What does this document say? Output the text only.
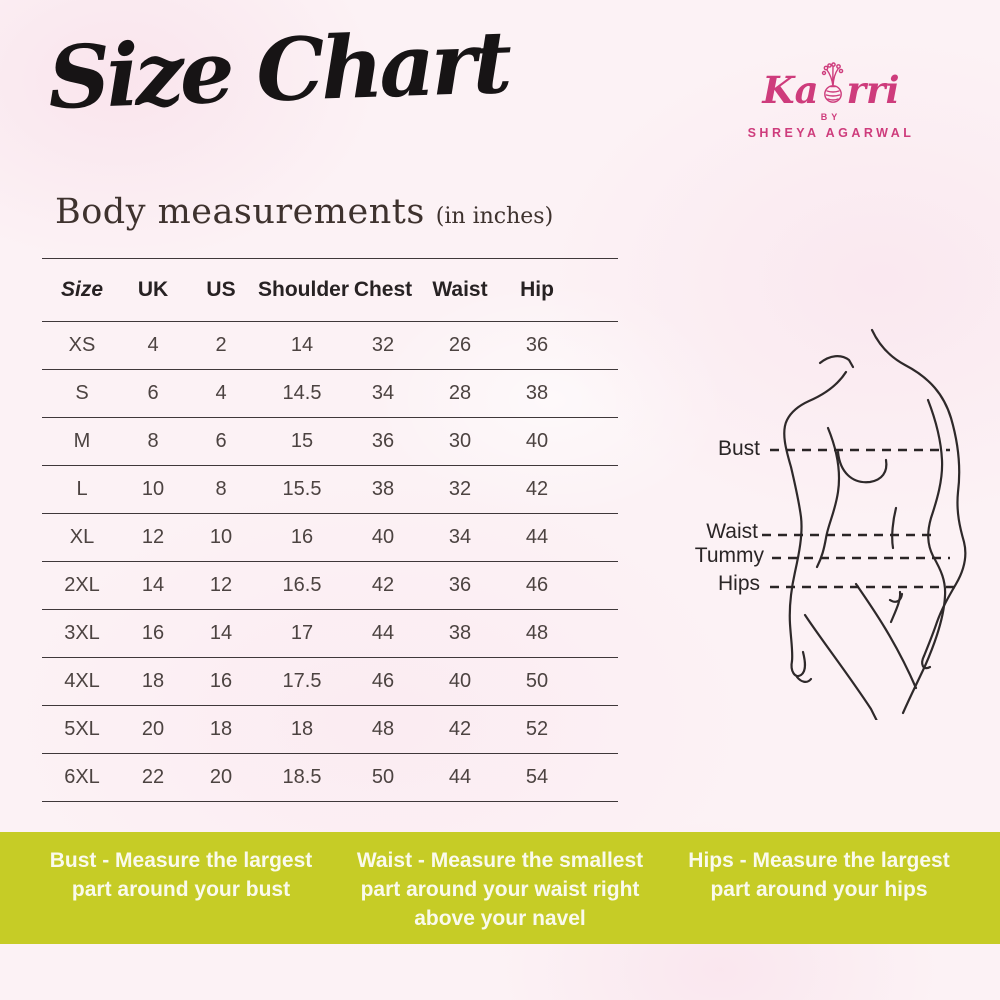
Size Chart	Ka rri
BY
SHREYA AGARWAL
Body measurements (in inches)
Size	UK	US	Shoulder	Chest	Waist	Hip
XS	4	2	14	32	26	36
S	6	4	14.5	34	28	38
M	8	6	15	36	30	40
L	10	8	15.5	38	32	42
XL	12	10	16	40	34	44
2XL	14	12	16.5	42	36	46
3XL	16	14	17	44	38	48
4XL	18	16	17.5	46	40	50
5XL	20	18	18	48	42	52
6XL	22	20	18.5	50	44	54
Bust
Waist
Tummy
Hips
Bust - Measure the largest part around your bust
Waist - Measure the smallest part around your waist right above your navel
Hips - Measure the largest part around your hips
